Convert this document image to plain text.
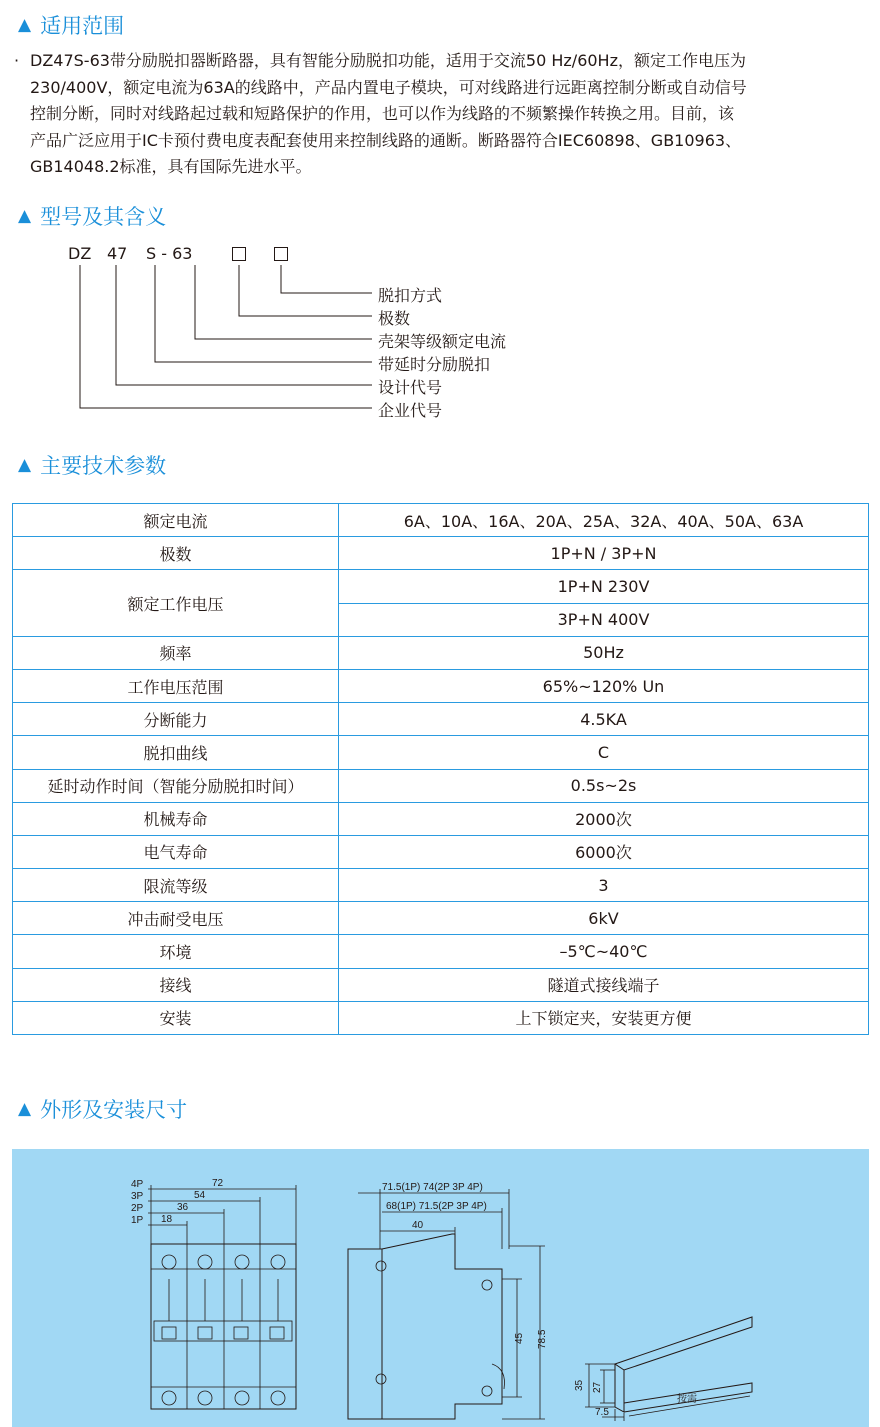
▲ 适用范围
· DZ47S-63带分励脱扣器断路器，具有智能分励脱扣功能，适用于交流50 Hz/60Hz，额定工作电压为
230/400V，额定电流为63A的线路中，产品内置电子模块，可对线路进行远距离控制分断或自动信号
控制分断，同时对线路起过载和短路保护的作用，也可以作为线路的不频繁操作转换之用。目前，该
产品广泛应用于IC卡预付费电度表配套使用来控制线路的通断。断路器符合IEC60898、GB10963、
GB14048.2标准，具有国际先进水平。
▲ 型号及其含义
DZ 47 S - 63
脱扣方式
极数
壳架等级额定电流
带延时分励脱扣
设计代号
企业代号
▲ 主要技术参数
额定电流	6A、10A、16A、20A、25A、32A、40A、50A、63A
极数	1P+N / 3P+N
额定工作电压	1P+N 230V
	3P+N 400V
频率	50Hz
工作电压范围	65%~120% Un
分断能力	4.5KA
脱扣曲线	C
延时动作时间（智能分励脱扣时间）	0.5s~2s
机械寿命	2000次
电气寿命	6000次
限流等级	3
冲击耐受电压	6kV
环境	–5℃~40℃
接线	隧道式接线端子
安装	上下锁定夹，安装更方便
▲ 外形及安装尺寸
4P
3P
2P
1P
72
54
36
18
71.5(1P) 74(2P 3P 4P)
68(1P) 71.5(2P 3P 4P)
40
45 78.5
35 27
7.5
按需
